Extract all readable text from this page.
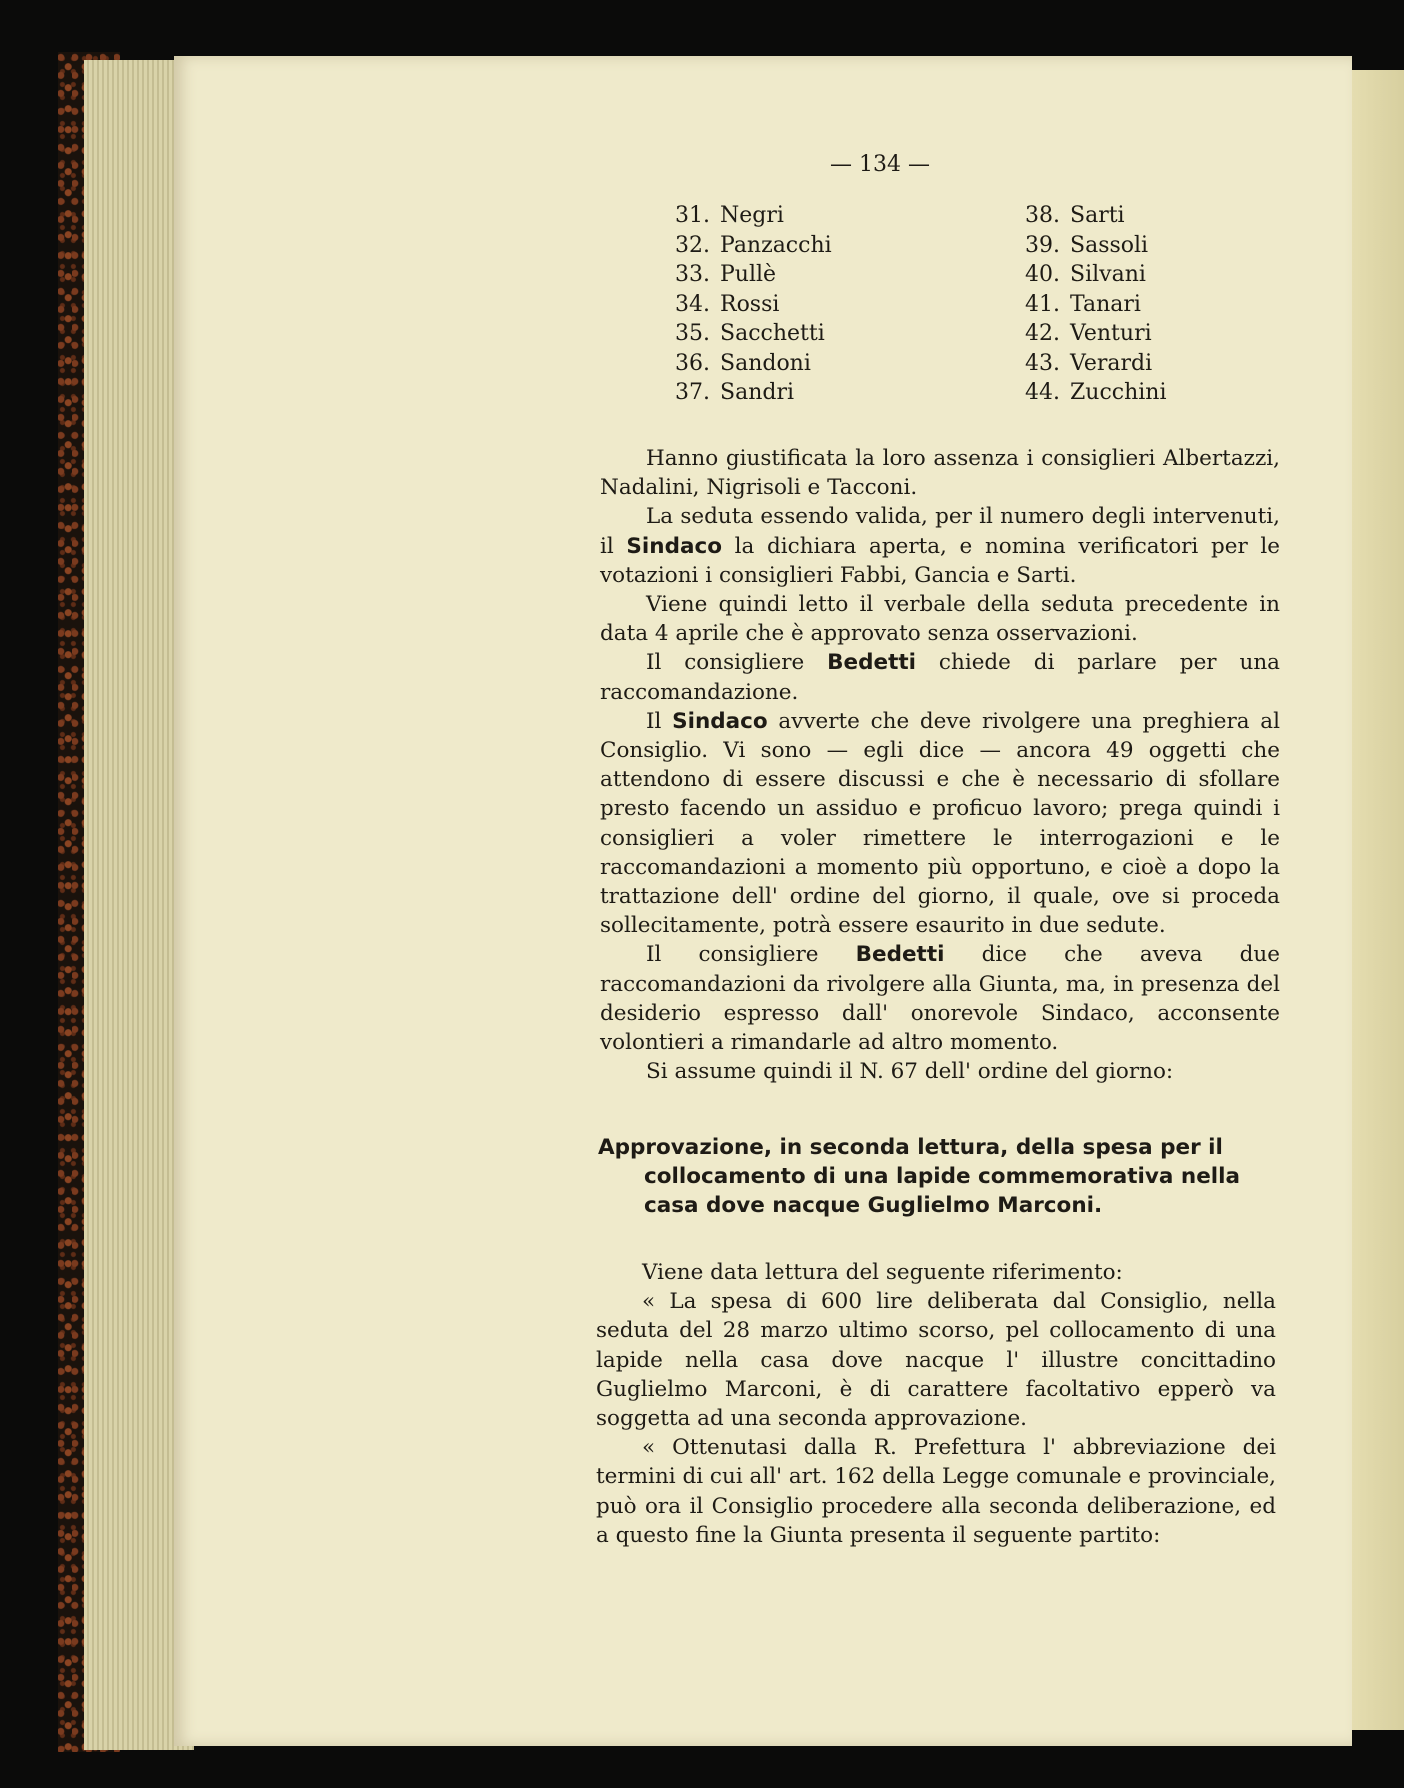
— 134 —
31. Negri
32. Panzacchi
33. Pullè
34. Rossi
35. Sacchetti
36. Sandoni
37. Sandri
38. Sarti
39. Sassoli
40. Silvani
41. Tanari
42. Venturi
43. Verardi
44. Zucchini

Hanno giustificata la loro assenza i consiglieri Albertazzi, Nadalini, Nigrisoli e Tacconi.

La seduta essendo valida, per il numero degli intervenuti, il Sindaco la dichiara aperta, e nomina verificatori per le votazioni i consiglieri Fabbi, Gancia e Sarti.

Viene quindi letto il verbale della seduta precedente in data 4 aprile che è approvato senza osservazioni.

Il consigliere Bedetti chiede di parlare per una raccomandazione.

Il Sindaco avverte che deve rivolgere una preghiera al Consiglio. Vi sono — egli dice — ancora 49 oggetti che attendono di essere discussi e che è necessario di sfollare presto facendo un assiduo e proficuo lavoro; prega quindi i consiglieri a voler rimettere le interrogazioni e le raccomandazioni a momento più opportuno, e cioè a dopo la trattazione dell' ordine del giorno, il quale, ove si proceda sollecitamente, potrà essere esaurito in due sedute.

Il consigliere Bedetti dice che aveva due raccomandazioni da rivolgere alla Giunta, ma, in presenza del desiderio espresso dall' onorevole Sindaco, acconsente volontieri a rimandarle ad altro momento.

Si assume quindi il N. 67 dell' ordine del giorno:

Approvazione, in seconda lettura, della spesa per il
collocamento di una lapide commemorativa nella
casa dove nacque Guglielmo Marconi.

Viene data lettura del seguente riferimento:

« La spesa di 600 lire deliberata dal Consiglio, nella seduta del 28 marzo ultimo scorso, pel collocamento di una lapide nella casa dove nacque l' illustre concittadino Guglielmo Marconi, è di carattere facoltativo epperò va soggetta ad una seconda approvazione.

« Ottenutasi dalla R. Prefettura l' abbreviazione dei termini di cui all' art. 162 della Legge comunale e provinciale, può ora il Consiglio procedere alla seconda deliberazione, ed a questo fine la Giunta presenta il seguente partito:
